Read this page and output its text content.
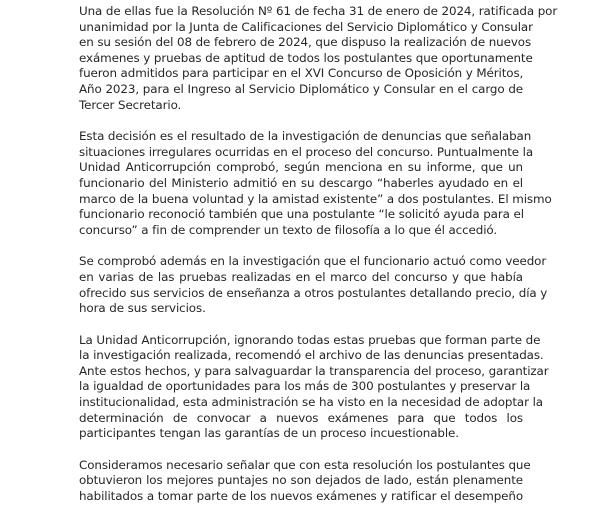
Una de ellas fue la Resolución Nº 61 de fecha 31 de enero de 2024, ratificada por
unanimidad por la Junta de Calificaciones del Servicio Diplomático y Consular
en su sesión del 08 de febrero de 2024, que dispuso la realización de nuevos
exámenes y pruebas de aptitud de todos los postulantes que oportunamente
fueron admitidos para participar en el XVI Concurso de Oposición y Méritos,
Año 2023, para el Ingreso al Servicio Diplomático y Consular en el cargo de
Tercer Secretario.

Esta decisión es el resultado de la investigación de denuncias que señalaban
situaciones irregulares ocurridas en el proceso del concurso. Puntualmente la
Unidad Anticorrupción comprobó, según menciona en su informe, que un
funcionario del Ministerio admitió en su descargo “haberles ayudado en el
marco de la buena voluntad y la amistad existente” a dos postulantes. El mismo
funcionario reconoció también que una postulante “le solicitó ayuda para el
concurso” a fin de comprender un texto de filosofía a lo que él accedió.

Se comprobó además en la investigación que el funcionario actuó como veedor
en varias de las pruebas realizadas en el marco del concurso y que había
ofrecido sus servicios de enseñanza a otros postulantes detallando precio, día y
hora de sus servicios.

La Unidad Anticorrupción, ignorando todas estas pruebas que forman parte de
la investigación realizada, recomendó el archivo de las denuncias presentadas.
Ante estos hechos, y para salvaguardar la transparencia del proceso, garantizar
la igualdad de oportunidades para los más de 300 postulantes y preservar la
institucionalidad, esta administración se ha visto en la necesidad de adoptar la
determinación de convocar a nuevos exámenes para que todos los
participantes tengan las garantías de un proceso incuestionable.

Consideramos necesario señalar que con esta resolución los postulantes que
obtuvieron los mejores puntajes no son dejados de lado, están plenamente
habilitados a tomar parte de los nuevos exámenes y ratificar el desempeño
